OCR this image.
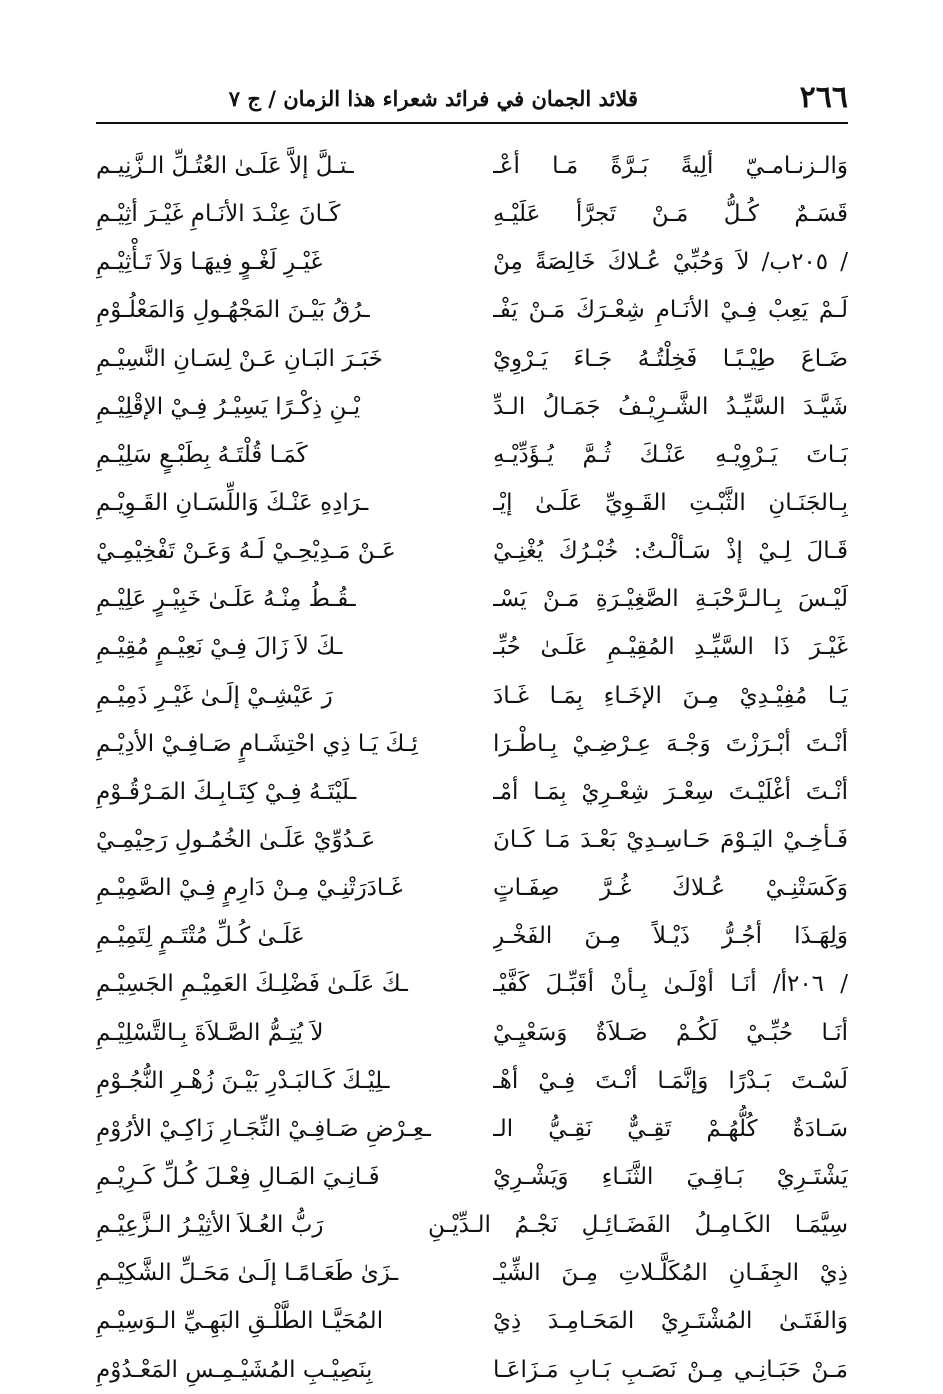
٢٦٦
قلائد الجمان في فرائد شعراء هذا الزمان / ج ٧
وَالـزنـامـيّ ألِيةً بَـرَّةً مَـا أعْـ
ـتـلَّ إلاَّ عَلَـىٰ العُتُـلِّ الـزَّنِيـم
قَسَـمٌ كُـلُّ مَـنْ تَجرَّأ عَلَيْـهِ
كَـانَ عِنْـدَ الأنَـامِ غَيْـرَ أثِيْـمِ
/ ٢٠٥ب/ لاَ وَحُبِّيْ عُـلاكَ خَالِصَةً مِنْ
غَيْـرِ لَغْـوٍ فِيهَـا وَلاَ تَـأْثِيْـمِ
لَـمْ يَعِبْ فِـيْ الأنَـامِ شِعْـرَكَ مَـنْ يَفْـ
ـرُقُ بَيْـنَ المَجْهُـولِ وَالمَعْلُـوْمِ
ضَـاعَ طِيْـبًـا فَخِلْتُـهُ جَـاءَ يَـرْوِيْ
خَبَـرَ البَـانِ عَـنْ لِسَـانِ النَّسِيْـمِ
شَيَّـدَ السَّيِّـدُ الشَّـرِيْـفُ جَمَـالُ الـدِّ
يْـنِ ذِكْـرًا يَسِيْـرُ فِـيْ الإقْلِيْـمِ
بَـاتَ يَـرْوِيْـهِ عَنْـكَ ثُـمَّ يُـؤَدِّيْـهِ
كَمَـا قُلْتَـهُ بِطَبْـعٍ سَلِيْـمِ
بِـالجَنَـانِ الثَّبْـتِ القَـوِيِّ عَلَـىٰ إيْـ
ـرَادِهِ عَنْـكَ وَاللِّسَـانِ القَـوِيْـمِ
قَـالَ لِـيْ إذْ سَـألْـتُ: خُبْـرُكَ يُغْنِـيْ
عَـنْ مَـدِيْحِـيْ لَـهُ وَعَـنْ تَفْخِيْمِـيْ
لَيْـسَ بِـالـرَّحْبَـةِ الصَّغِيْـرَةِ مَـنْ يَسْـ
ـقُـطُ مِنْـهُ عَلَـىٰ خَبِيْـرٍ عَلِيْـمِ
غَيْـرَ ذَا السَّيِّـدِ المُقِيْـمِ عَلَـىٰ حُبِّـ
ـكَ لاَ زَالَ فِـيْ نَعِيْـمٍ مُقِيْـمِ
يَـا مُفِيْـدِيْ مِـنَ الإخَـاءِ بِمَـا غَـادَ
رَ عَيْشِـيْ إلَـىٰ غَيْـرِ ذَمِيْـمِ
أنْـتَ أبْـرَزْتَ وَجْـهَ عِـرْضِـيْ بِـاطْـرَا
ئِـكَ يَـا ذِي احْتِشَـامٍ صَـافِـيْ الأدِيْـمِ
أنْـتَ أغْلَيْـتَ سِعْـرَ شِعْـرِيْ بِمَـا أمْـ
ـلَيْتَـهُ فِـيْ كِتَـابِـكَ المَـرْقُـوْمِ
فَـأخِـيْ اليَـوْمَ حَـاسِـدِيْ بَعْـدَ مَـا كَـانَ
عَـدُوِّيْ عَلَـىٰ الخُمُـولِ رَحِيْمِـيْ
وَكَسَتْنِـيْ عُـلاكَ غُـرَّ صِفَـاتٍ
غَـادَرَتْنِـيْ مِـنْ دَارِمٍ فِـيْ الصَّمِيْـمِ
وَلِهَـذَا أجُـرُّ ذَيْـلاً مِـنَ الفَخْـرِ
عَلَـىٰ كُـلِّ مُتْتَـمٍ لِتَمِيْـمِ
/ ٢٠٦أ/ أنَـا أوْلَـىٰ بِـأنْ أقَبِّـلَ كَفَّيْـ
ـكَ عَلَـىٰ فَضْلِـكَ العَمِيْـمِ الجَسِيْـمِ
أنَـا حُبِّـيْ لَكُـمْ صَـلاَةٌ وَسَعْيِـيْ
لاَ يُتِـمُّ الصَّـلاَةَ بِـالتَّسْلِيْـمِ
لَسْـتَ بَـدْرًا وَإنَّمَـا أنْـتَ فِـيْ أهْـ
ـلِيْـكَ كَـالبَـدْرِ بَيْـنَ زُهْـرِ النُّجُـوْمِ
سَـادَةٌ كُلُّهُـمْ تَقِـيٌّ نَقِـيُّ الـ
ـعِـرْضِ صَـافِـيْ النِّجَـارِ زَاكِـيْ الأرُوْمِ
يَشْتَـرِيْ بَـاقِـيَ الثَّنَـاءِ وَيَشْـرِيْ
فَـانِـيَ المَـالِ فِعْـلَ كُـلِّ كَـرِيْـمِ
سِيَّمَـا الكَـامِـلُ الفَضَـائِـلِ نَجْـمُ الـدِّيْـنِ
رَبُّ العُـلاَ الأثِيْـرُ الـزَّعِيْـمِ
ذِيْ الجِفَـانِ المُكَلَّـلاتِ مِـنَ الشِّيْـ
ـزَىٰ طَعَـامًـا إلَـىٰ مَحَـلِّ الشَّكِيْـمِ
وَالفَتَـىٰ المُشْتَـرِيْ المَحَـامِـدَ ذِيْ
المُحَيَّـا الطَّلْـقِ البَهِـيِّ الـوَسِيْـمِ
مَـنْ حَبَـانِـي مِـنْ نَصَـبِ بَـابِ مَـزَاعَـا
بِنَصِيْـبِ المُشَيْـمِـسِ المَعْـدُوْمِ
